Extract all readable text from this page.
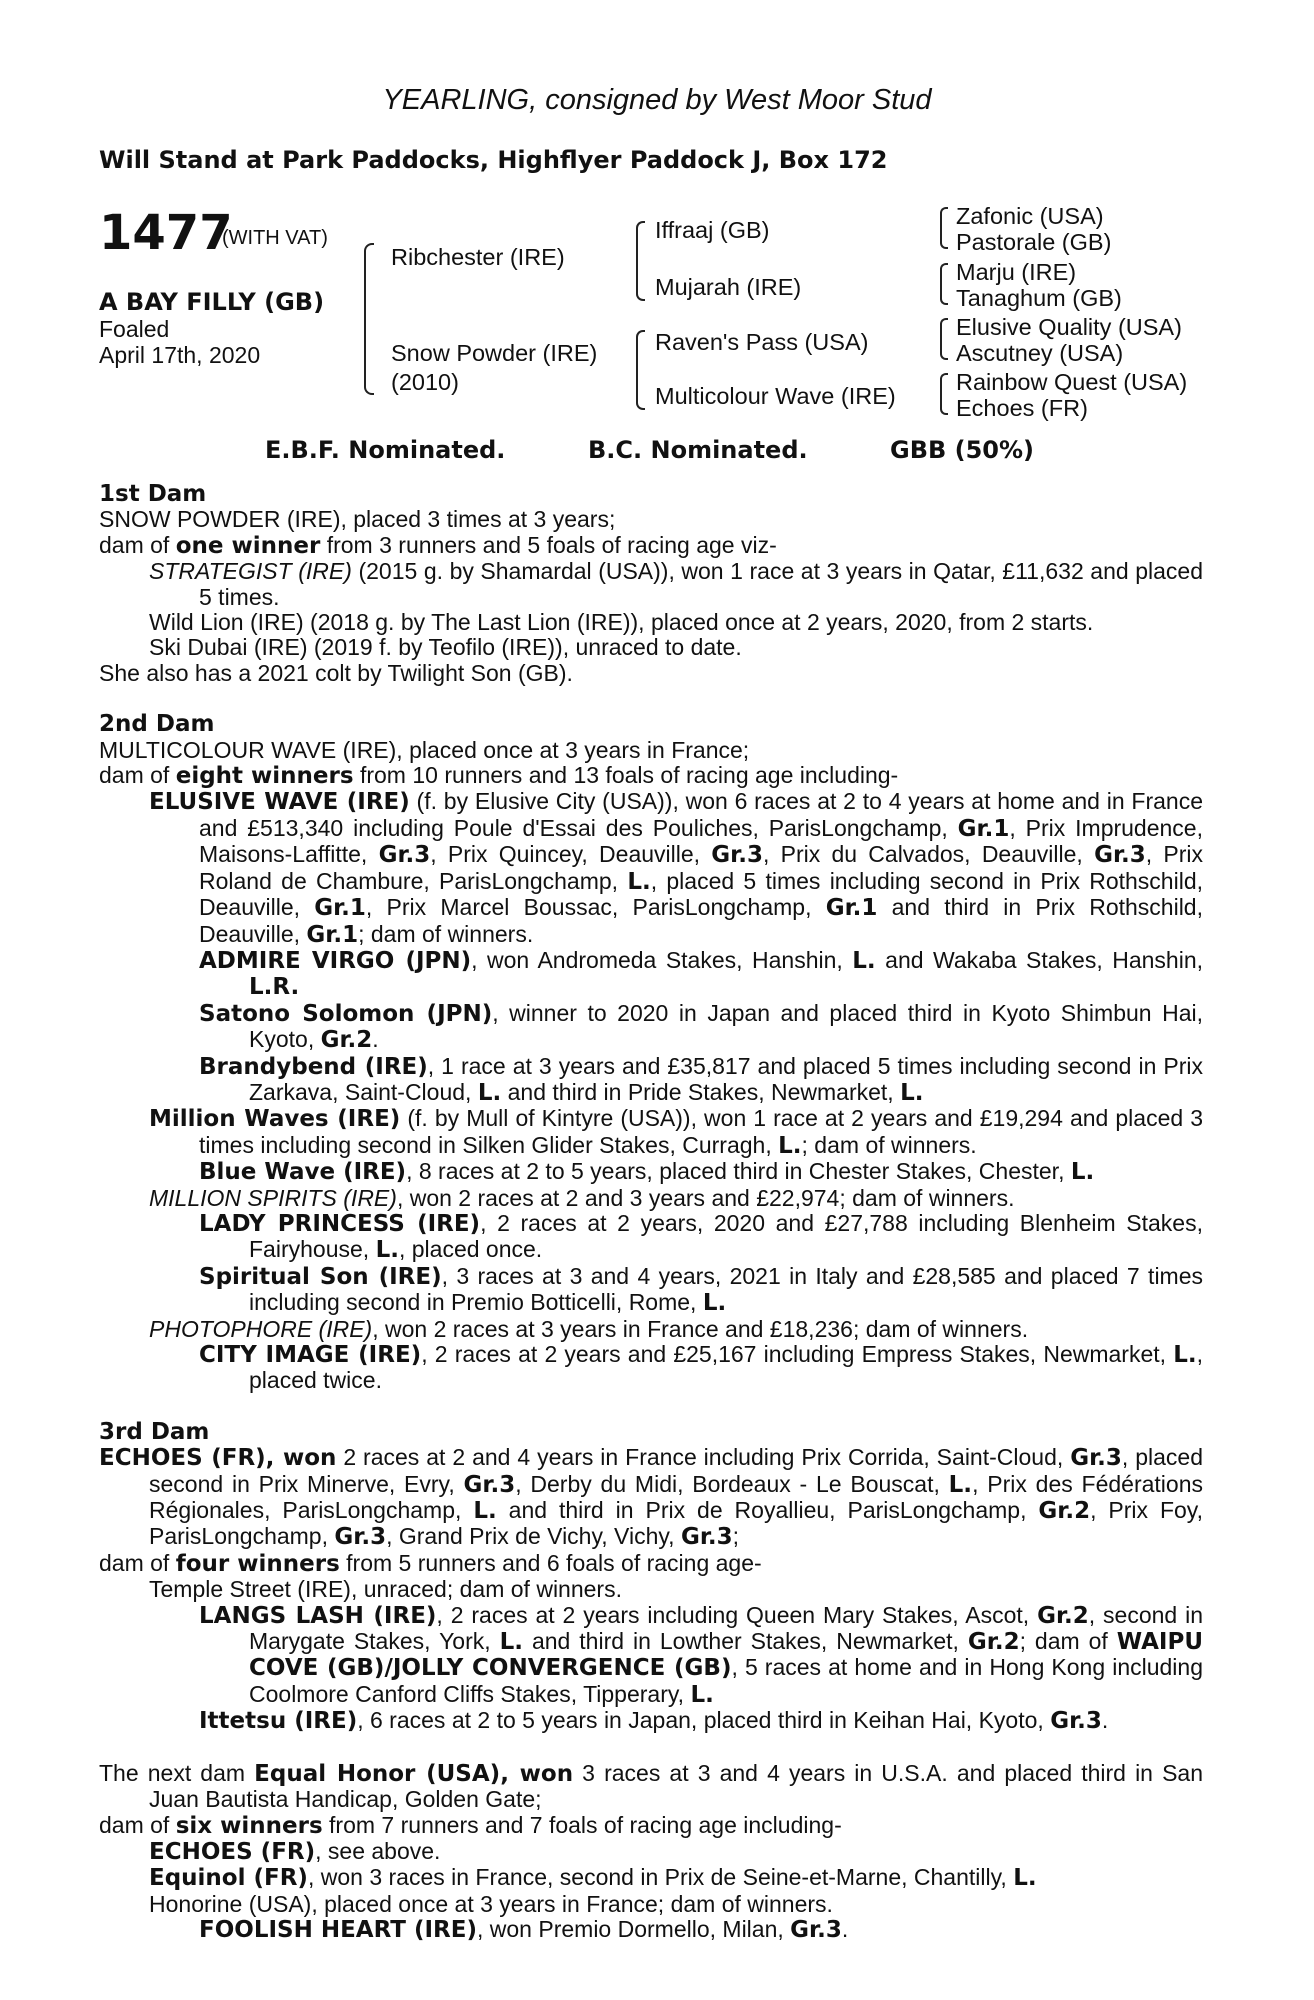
YEARLING, consigned by West Moor Stud
Will Stand at Park Paddocks, Highflyer Paddock J, Box 172
1477
(WITH VAT)
A BAY FILLY (GB)
Foaled
April 17th, 2020
Ribchester (IRE)
Snow Powder (IRE)
(2010)
Iffraaj (GB)
Mujarah (IRE)
Raven's Pass (USA)
Multicolour Wave (IRE)
Zafonic (USA)
Pastorale (GB)
Marju (IRE)
Tanaghum (GB)
Elusive Quality (USA)
Ascutney (USA)
Rainbow Quest (USA)
Echoes (FR)
E.B.F. Nominated.	B.C. Nominated.	GBB (50%)
1st Dam
SNOW POWDER (IRE), placed 3 times at 3 years;
dam of one winner from 3 runners and 5 foals of racing age viz-
STRATEGIST (IRE) (2015 g. by Shamardal (USA)), won 1 race at 3 years in Qatar, £11,632 and placed 5 times.
Wild Lion (IRE) (2018 g. by The Last Lion (IRE)), placed once at 2 years, 2020, from 2 starts.
Ski Dubai (IRE) (2019 f. by Teofilo (IRE)), unraced to date.
She also has a 2021 colt by Twilight Son (GB).
2nd Dam
MULTICOLOUR WAVE (IRE), placed once at 3 years in France;
dam of eight winners from 10 runners and 13 foals of racing age including-
ELUSIVE WAVE (IRE) (f. by Elusive City (USA)), won 6 races at 2 to 4 years at home and in France and £513,340 including Poule d'Essai des Pouliches, ParisLongchamp, Gr.1, Prix Imprudence, Maisons-Laffitte, Gr.3, Prix Quincey, Deauville, Gr.3, Prix du Calvados, Deauville, Gr.3, Prix Roland de Chambure, ParisLongchamp, L., placed 5 times including second in Prix Rothschild, Deauville, Gr.1, Prix Marcel Boussac, ParisLongchamp, Gr.1 and third in Prix Rothschild, Deauville, Gr.1; dam of winners.
ADMIRE VIRGO (JPN), won Andromeda Stakes, Hanshin, L. and Wakaba Stakes, Hanshin, L.R.
Satono Solomon (JPN), winner to 2020 in Japan and placed third in Kyoto Shimbun Hai, Kyoto, Gr.2.
Brandybend (IRE), 1 race at 3 years and £35,817 and placed 5 times including second in Prix Zarkava, Saint-Cloud, L. and third in Pride Stakes, Newmarket, L.
Million Waves (IRE) (f. by Mull of Kintyre (USA)), won 1 race at 2 years and £19,294 and placed 3 times including second in Silken Glider Stakes, Curragh, L.; dam of winners.
Blue Wave (IRE), 8 races at 2 to 5 years, placed third in Chester Stakes, Chester, L.
MILLION SPIRITS (IRE), won 2 races at 2 and 3 years and £22,974; dam of winners.
LADY PRINCESS (IRE), 2 races at 2 years, 2020 and £27,788 including Blenheim Stakes, Fairyhouse, L., placed once.
Spiritual Son (IRE), 3 races at 3 and 4 years, 2021 in Italy and £28,585 and placed 7 times including second in Premio Botticelli, Rome, L.
PHOTOPHORE (IRE), won 2 races at 3 years in France and £18,236; dam of winners.
CITY IMAGE (IRE), 2 races at 2 years and £25,167 including Empress Stakes, Newmarket, L., placed twice.
3rd Dam
ECHOES (FR), won 2 races at 2 and 4 years in France including Prix Corrida, Saint-Cloud, Gr.3, placed second in Prix Minerve, Evry, Gr.3, Derby du Midi, Bordeaux - Le Bouscat, L., Prix des Fédérations Régionales, ParisLongchamp, L. and third in Prix de Royallieu, ParisLongchamp, Gr.2, Prix Foy, ParisLongchamp, Gr.3, Grand Prix de Vichy, Vichy, Gr.3;
dam of four winners from 5 runners and 6 foals of racing age-
Temple Street (IRE), unraced; dam of winners.
LANGS LASH (IRE), 2 races at 2 years including Queen Mary Stakes, Ascot, Gr.2, second in Marygate Stakes, York, L. and third in Lowther Stakes, Newmarket, Gr.2; dam of WAIPU COVE (GB)/JOLLY CONVERGENCE (GB), 5 races at home and in Hong Kong including Coolmore Canford Cliffs Stakes, Tipperary, L.
Ittetsu (IRE), 6 races at 2 to 5 years in Japan, placed third in Keihan Hai, Kyoto, Gr.3.
The next dam Equal Honor (USA), won 3 races at 3 and 4 years in U.S.A. and placed third in San Juan Bautista Handicap, Golden Gate;
dam of six winners from 7 runners and 7 foals of racing age including-
ECHOES (FR), see above.
Equinol (FR), won 3 races in France, second in Prix de Seine-et-Marne, Chantilly, L.
Honorine (USA), placed once at 3 years in France; dam of winners.
FOOLISH HEART (IRE), won Premio Dormello, Milan, Gr.3.
